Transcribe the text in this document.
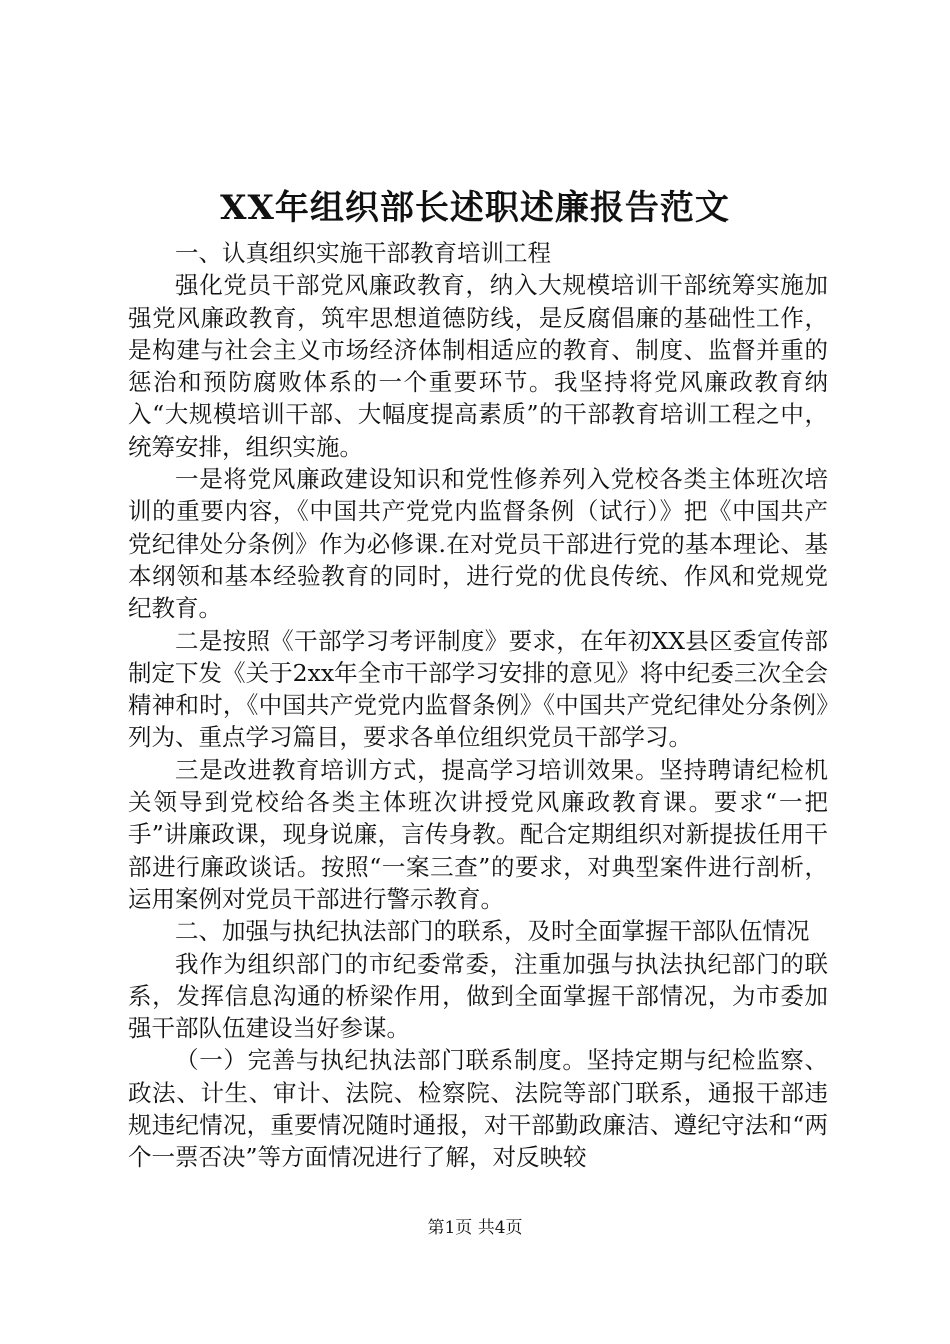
XX年组织部长述职述廉报告范文

一、认真组织实施干部教育培训工程

强化党员干部党风廉政教育，纳入大规模培训干部统筹实施加强党风廉政教育，筑牢思想道德防线，是反腐倡廉的基础性工作，是构建与社会主义市场经济体制相适应的教育、制度、监督并重的惩治和预防腐败体系的一个重要环节。我坚持将党风廉政教育纳入“大规模培训干部、大幅度提高素质”的干部教育培训工程之中，统筹安排，组织实施。

一是将党风廉政建设知识和党性修养列入党校各类主体班次培训的重要内容，《中国共产党党内监督条例（试行）》把《中国共产党纪律处分条例》作为必修课.在对党员干部进行党的基本理论、基本纲领和基本经验教育的同时，进行党的优良传统、作风和党规党纪教育。

二是按照《干部学习考评制度》要求，在年初XX县区委宣传部制定下发《关于2xx年全市干部学习安排的意见》将中纪委三次全会精神和时，《中国共产党党内监督条例》《中国共产党纪律处分条例》列为、重点学习篇目，要求各单位组织党员干部学习。

三是改进教育培训方式，提高学习培训效果。坚持聘请纪检机关领导到党校给各类主体班次讲授党风廉政教育课。要求“一把手”讲廉政课，现身说廉，言传身教。配合定期组织对新提拔任用干部进行廉政谈话。按照“一案三查”的要求，对典型案件进行剖析，运用案例对党员干部进行警示教育。

二、加强与执纪执法部门的联系，及时全面掌握干部队伍情况

我作为组织部门的市纪委常委，注重加强与执法执纪部门的联系，发挥信息沟通的桥梁作用，做到全面掌握干部情况，为市委加强干部队伍建设当好参谋。

（一）完善与执纪执法部门联系制度。坚持定期与纪检监察、政法、计生、审计、法院、检察院、法院等部门联系，通报干部违规违纪情况，重要情况随时通报，对干部勤政廉洁、遵纪守法和“两个一票否决”等方面情况进行了解，对反映较

第1页 共4页
